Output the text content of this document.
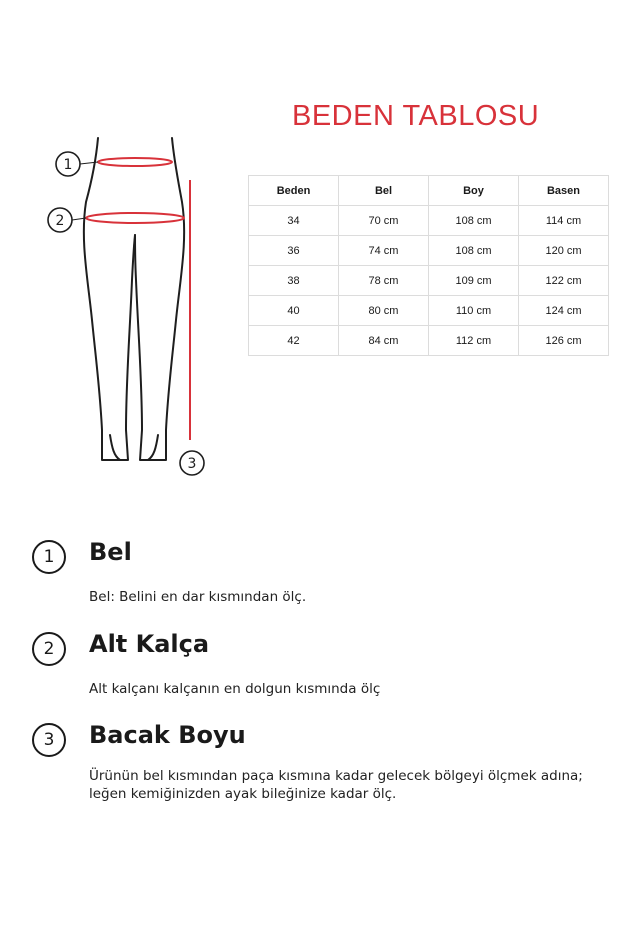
BEDEN TABLOSU
1
2
3
Beden	Bel	Boy	Basen
34	70 cm	108 cm	114 cm
36	74 cm	108 cm	120 cm
38	78 cm	109 cm	122 cm
40	80 cm	110 cm	124 cm
42	84 cm	112 cm	126 cm
1	Bel
Bel: Belini en dar kısmından ölç.
2	Alt Kalça
Alt kalçanı kalçanın en dolgun kısmında ölç
3	Bacak Boyu
Ürünün bel kısmından paça kısmına kadar gelecek bölgeyi ölçmek adına; leğen kemiğinizden ayak bileğinize kadar ölç.
